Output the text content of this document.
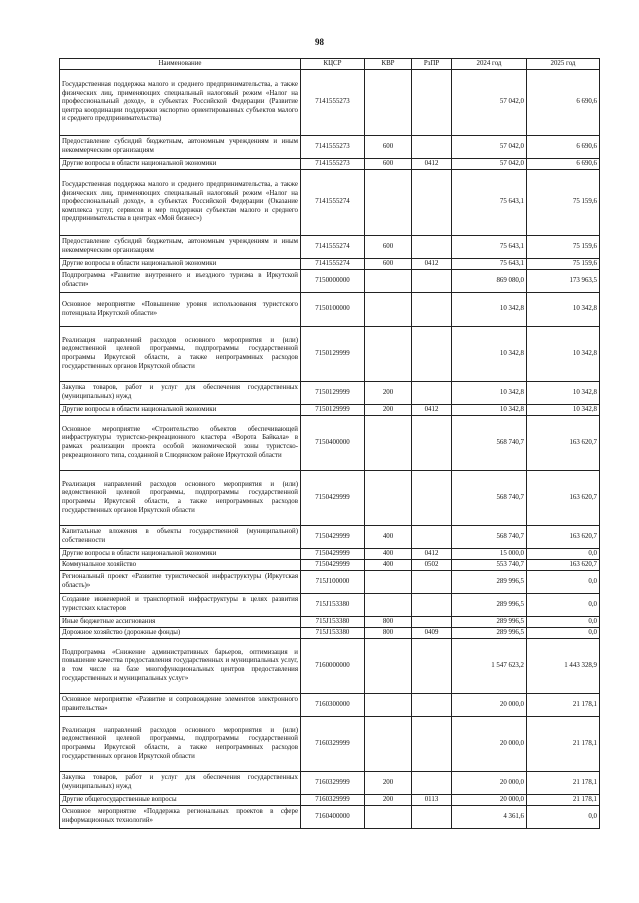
98
Наименование	КЦСР	КВР	РзПР	2024 год	2025 год
Государственная поддержка малого и среднего предпринимательства, а также физических лиц, применяющих специальный налоговый режим «Налог на профессиональный доход», в субъектах Российской Федерации (Развитие центра координации поддержки экспортно ориентированных субъектов малого и среднего предпринимательства)	7141555273			57 042,0	6 690,6
Предоставление субсидий бюджетным, автономным учреждениям и иным некоммерческим организациям	7141555273	600		57 042,0	6 690,6
Другие вопросы в области национальной экономики	7141555273	600	0412	57 042,0	6 690,6
Государственная поддержка малого и среднего предпринимательства, а также физических лиц, применяющих специальный налоговый режим «Налог на профессиональный доход», в субъектах Российской Федерации (Оказание комплекса услуг, сервисов и мер поддержки субъектам малого и среднего предпринимательства в центрах «Мой бизнес»)	7141555274			75 643,1	75 159,6
Предоставление субсидий бюджетным, автономным учреждениям и иным некоммерческим организациям	7141555274	600		75 643,1	75 159,6
Другие вопросы в области национальной экономики	7141555274	600	0412	75 643,1	75 159,6
Подпрограмма «Развитие внутреннего и въездного туризма в Иркутской области»	7150000000			869 080,0	173 963,5
Основное мероприятие «Повышение уровня использования туристского потенциала Иркутской области»	7150100000			10 342,8	10 342,8
Реализация направлений расходов основного мероприятия и (или) ведомственной целевой программы, подпрограммы государственной программы Иркутской области, а также непрограммных расходов государственных органов Иркутской области	7150129999			10 342,8	10 342,8
Закупка товаров, работ и услуг для обеспечения государственных (муниципальных) нужд	7150129999	200		10 342,8	10 342,8
Другие вопросы в области национальной экономики	7150129999	200	0412	10 342,8	10 342,8
Основное мероприятие «Строительство объектов обеспечивающей инфраструктуры туристско-рекреационного кластера «Ворота Байкала» в рамках реализации проекта особой экономической зоны туристско-рекреационного типа, созданной в Слюдянском районе Иркутской области	7150400000			568 740,7	163 620,7
Реализация направлений расходов основного мероприятия и (или) ведомственной целевой программы, подпрограммы государственной программы Иркутской области, а также непрограммных расходов государственных органов Иркутской области	7150429999			568 740,7	163 620,7
Капитальные вложения в объекты государственной (муниципальной) собственности	7150429999	400		568 740,7	163 620,7
Другие вопросы в области национальной экономики	7150429999	400	0412	15 000,0	0,0
Коммунальное хозяйство	7150429999	400	0502	553 740,7	163 620,7
Региональный проект «Развитие туристической инфраструктуры (Иркутская область)»	715J100000			289 996,5	0,0
Создание инженерной и транспортной инфраструктуры в целях развития туристских кластеров	715J153380			289 996,5	0,0
Иные бюджетные ассигнования	715J153380	800		289 996,5	0,0
Дорожное хозяйство (дорожные фонды)	715J153380	800	0409	289 996,5	0,0
Подпрограмма «Снижение административных барьеров, оптимизация и повышение качества предоставления государственных и муниципальных услуг, в том числе на базе многофункциональных центров предоставления государственных и муниципальных услуг»	7160000000			1 547 623,2	1 443 328,9
Основное мероприятие «Развитие и сопровождение элементов электронного правительства»	7160300000			20 000,0	21 178,1
Реализация направлений расходов основного мероприятия и (или) ведомственной целевой программы, подпрограммы государственной программы Иркутской области, а также непрограммных расходов государственных органов Иркутской области	7160329999			20 000,0	21 178,1
Закупка товаров, работ и услуг для обеспечения государственных (муниципальных) нужд	7160329999	200		20 000,0	21 178,1
Другие общегосударственные вопросы	7160329999	200	0113	20 000,0	21 178,1
Основное мероприятие «Поддержка региональных проектов в сфере информационных технологий»	7160400000			4 361,6	0,0
